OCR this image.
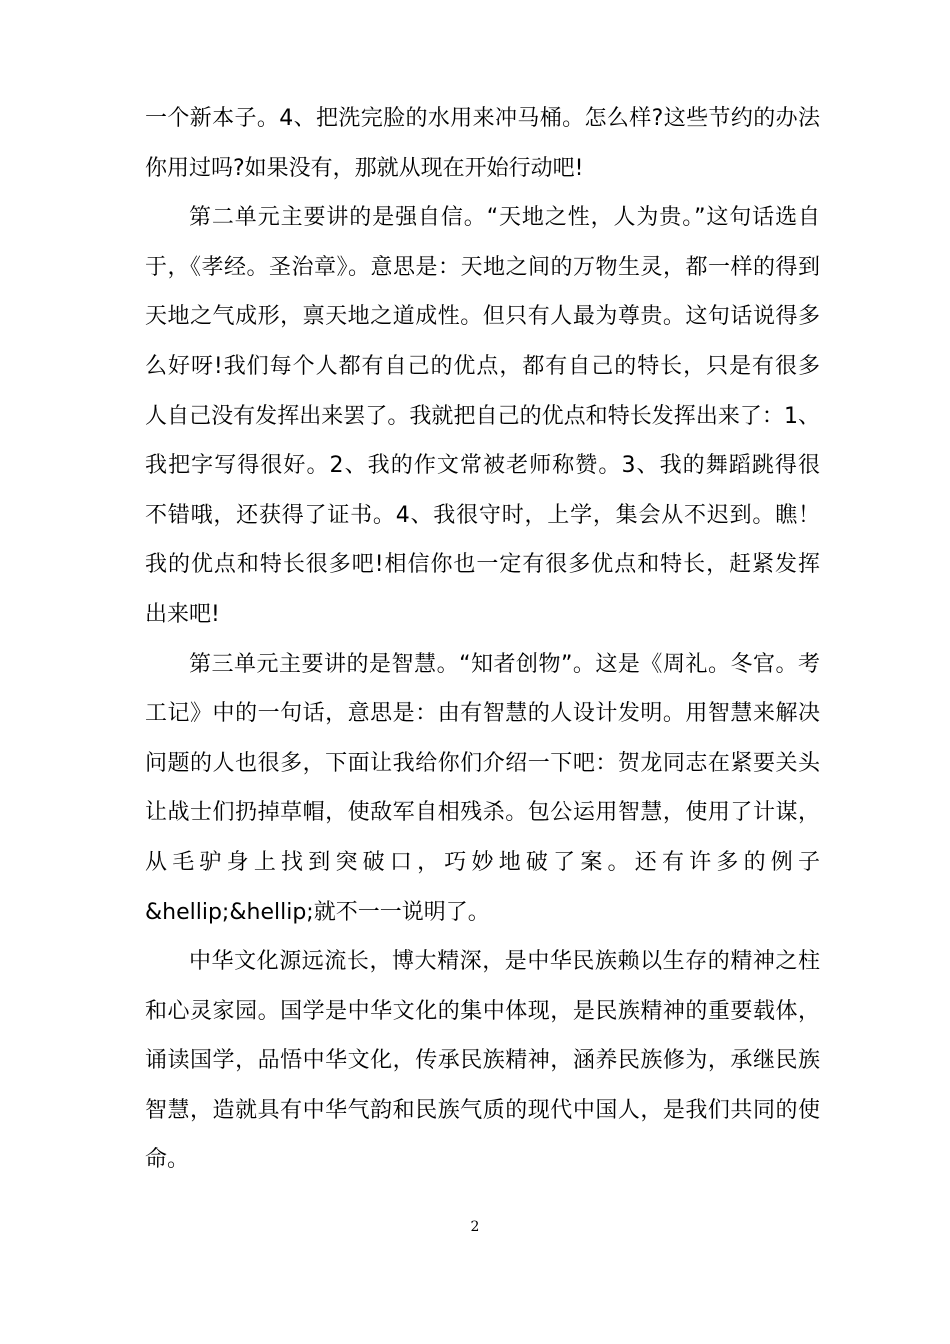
一个新本子。4、把洗完脸的水用来冲马桶。怎么样?这些节约的办法
你用过吗?如果没有，那就从现在开始行动吧!
第二单元主要讲的是强自信。“天地之性，人为贵。”这句话选自
于，《孝经。圣治章》。意思是：天地之间的万物生灵，都一样的得到
天地之气成形，禀天地之道成性。但只有人最为尊贵。这句话说得多
么好呀!我们每个人都有自己的优点，都有自己的特长，只是有很多
人自己没有发挥出来罢了。我就把自己的优点和特长发挥出来了：1、
我把字写得很好。2、我的作文常被老师称赞。3、我的舞蹈跳得很
不错哦，还获得了证书。4、我很守时，上学，集会从不迟到。瞧！
我的优点和特长很多吧!相信你也一定有很多优点和特长，赶紧发挥
出来吧!
第三单元主要讲的是智慧。“知者创物”。这是《周礼。冬官。考
工记》中的一句话，意思是：由有智慧的人设计发明。用智慧来解决
问题的人也很多，下面让我给你们介绍一下吧：贺龙同志在紧要关头
让战士们扔掉草帽，使敌军自相残杀。包公运用智慧，使用了计谋，
从毛驴身上找到突破口，巧妙地破了案。还有许多的例子
&hellip;&hellip;就不一一说明了。
中华文化源远流长，博大精深，是中华民族赖以生存的精神之柱
和心灵家园。国学是中华文化的集中体现，是民族精神的重要载体，
诵读国学，品悟中华文化，传承民族精神，涵养民族修为，承继民族
智慧，造就具有中华气韵和民族气质的现代中国人，是我们共同的使
命。
2
